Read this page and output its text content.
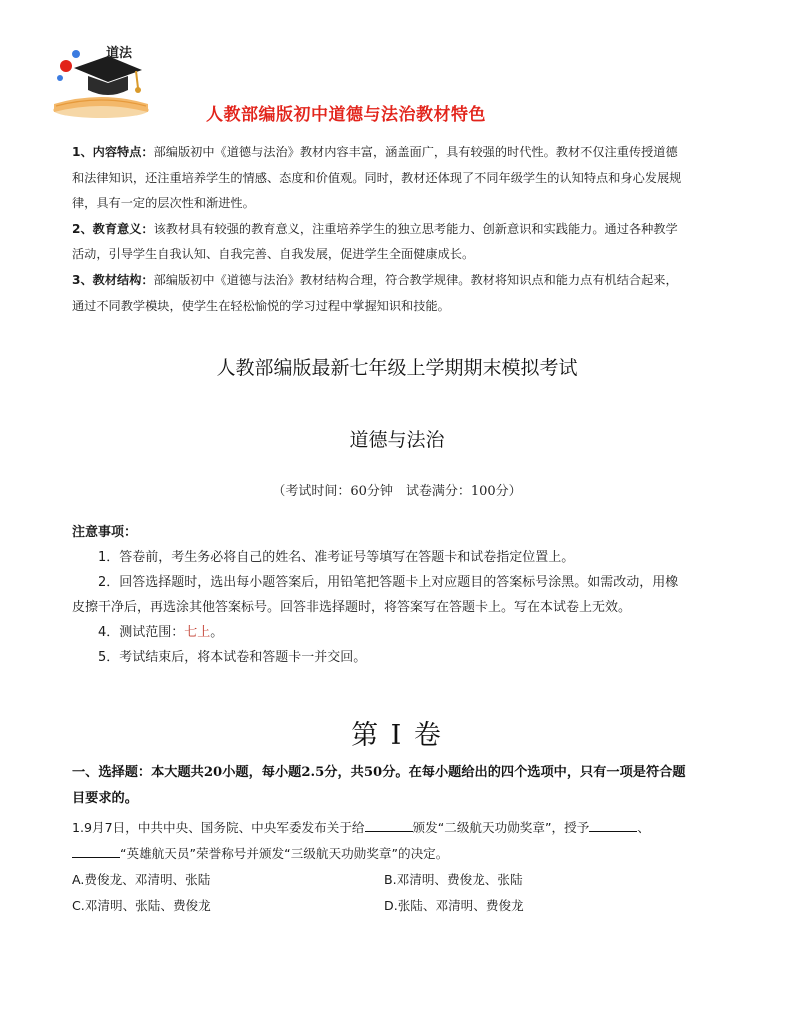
道法
人教部编版初中道德与法治教材特色

1、内容特点：部编版初中《道德与法治》教材内容丰富，涵盖面广，具有较强的时代性。教材不仅注重传授道德和法律知识，还注重培养学生的情感、态度和价值观。同时，教材还体现了不同年级学生的认知特点和身心发展规律，具有一定的层次性和渐进性。

2、教育意义：该教材具有较强的教育意义，注重培养学生的独立思考能力、创新意识和实践能力。通过各种教学活动，引导学生自我认知、自我完善、自我发展，促进学生全面健康成长。

3、教材结构：部编版初中《道德与法治》教材结构合理，符合教学规律。教材将知识点和能力点有机结合起来，通过不同教学模块，使学生在轻松愉悦的学习过程中掌握知识和技能。

人教部编版最新七年级上学期期末模拟考试
道德与法治
（考试时间：60分钟　试卷满分：100分）

注意事项：

1．答卷前，考生务必将自己的姓名、准考证号等填写在答题卡和试卷指定位置上。

2．回答选择题时，选出每小题答案后，用铅笔把答题卡上对应题目的答案标号涂黑。如需改动，用橡皮擦干净后，再选涂其他答案标号。回答非选择题时，将答案写在答题卡上。写在本试卷上无效。

4．测试范围：七上。

5．考试结束后，将本试卷和答题卡一并交回。

第 I 卷

一、选择题：本大题共20小题，每小题2.5分，共50分。在每小题给出的四个选项中，只有一项是符合题目要求的。

1.9月7日，中共中央、国务院、中央军委发布关于给	颁发“二级航天功勋奖章”，授予	、

“英雄航天员”荣誉称号并颁发“三级航天功勋奖章”的决定。

A.费俊龙、邓清明、张陆	B.邓清明、费俊龙、张陆
C.邓清明、张陆、费俊龙	D.张陆、邓清明、费俊龙
